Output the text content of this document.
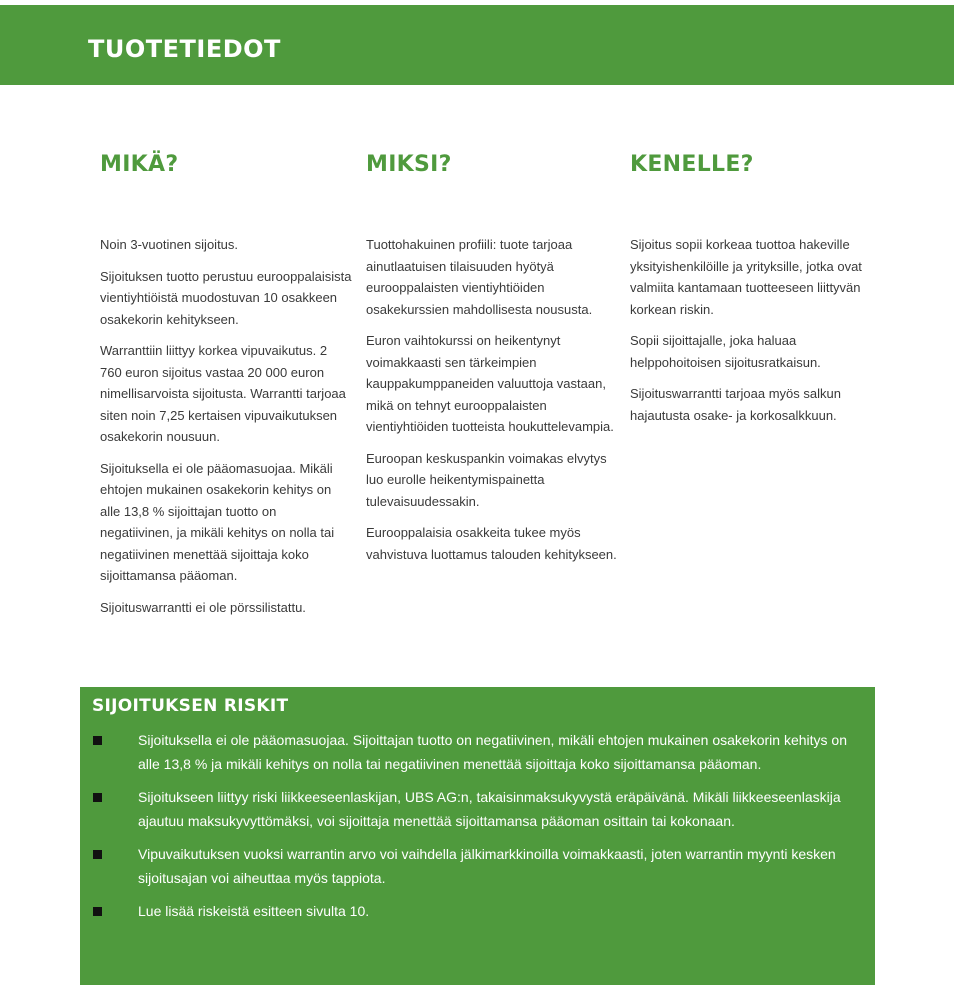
TUOTETIEDOT
MIKÄ?

Noin 3-vuotinen sijoitus.

Sijoituksen tuotto perustuu eurooppalaisista vientiyhtiöistä muodostuvan 10 osakkeen osakekorin kehitykseen.

Warranttiin liittyy korkea vipuvaikutus. 2 760 euron sijoitus vastaa 20 000 euron nimellisarvoista sijoitusta. Warrantti tarjoaa siten noin 7,25 kertaisen vipuvaikutuksen osakekorin nousuun.

Sijoituksella ei ole pääomasuojaa. Mikäli ehtojen mukainen osakekorin kehitys on alle 13,8 % sijoittajan tuotto on negatiivinen, ja mikäli kehitys on nolla tai negatiivinen menettää sijoittaja koko sijoittamansa pääoman.

Sijoituswarrantti ei ole pörssilistattu.

MIKSI?

Tuottohakuinen profiili: tuote tarjoaa ainutlaatuisen tilaisuuden hyötyä eurooppalaisten vientiyhtiöiden osakekurssien mahdollisesta noususta.

Euron vaihtokurssi on heikentynyt voimakkaasti sen tärkeimpien kauppakumppaneiden valuuttoja vastaan, mikä on tehnyt eurooppalaisten vientiyhtiöiden tuotteista houkuttelevampia.

Euroopan keskuspankin voimakas elvytys luo eurolle heikentymispainetta tulevaisuudessakin.

Eurooppalaisia osakkeita tukee myös vahvistuva luottamus talouden kehitykseen.

KENELLE?

Sijoitus sopii korkeaa tuottoa hakeville yksityishenkilöille ja yrityksille, jotka ovat valmiita kantamaan tuotteeseen liittyvän korkean riskin.

Sopii sijoittajalle, joka haluaa helppohoitoisen sijoitusratkaisun.

Sijoituswarrantti tarjoaa myös salkun hajautusta osake- ja korkosalkkuun.

SIJOITUKSEN RISKIT

Sijoituksella ei ole pääomasuojaa. Sijoittajan tuotto on negatiivinen, mikäli ehtojen mukainen osakekorin kehitys on alle 13,8 % ja mikäli kehitys on nolla tai negatiivinen menettää sijoittaja koko sijoittamansa pääoman.

Sijoitukseen liittyy riski liikkeeseenlaskijan, UBS AG:n, takaisinmaksukyvystä eräpäivänä. Mikäli liikkeeseenlaskija ajautuu maksukyvyttömäksi, voi sijoittaja menettää sijoittamansa pääoman osittain tai kokonaan.

Vipuvaikutuksen vuoksi warrantin arvo voi vaihdella jälkimarkkinoilla voimakkaasti, joten warrantin myynti kesken sijoitusajan voi aiheuttaa myös tappiota.

Lue lisää riskeistä esitteen sivulta 10.
